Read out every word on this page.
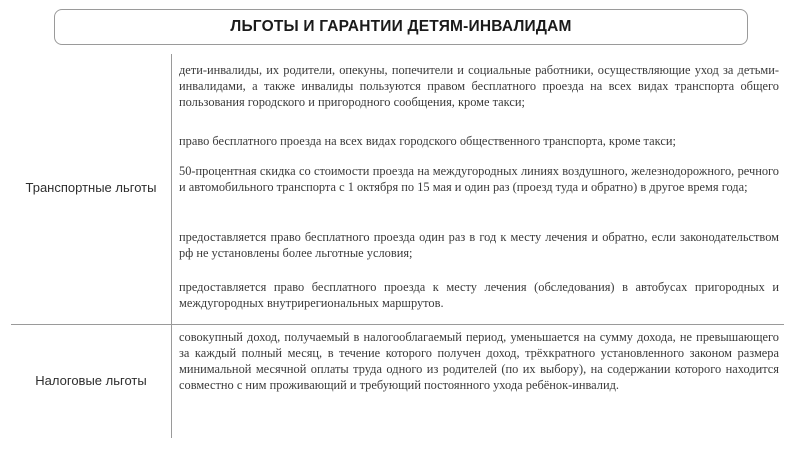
ЛЬГОТЫ И ГАРАНТИИ ДЕТЯМ-ИНВАЛИДАМ
Транспортные льготы
Налоговые льготы
дети-инвалиды, их родители, опекуны, попечители и социальные работники, осуществляющие уход за детьми-инвалидами, а также инвалиды пользуются правом бесплатного проезда на всех видах транспорта общего пользования городского и пригородного сообщения, кроме такси;
право бесплатного проезда на всех видах городского общественного транспорта, кроме такси;
50-процентная скидка со стоимости проезда на междугородных линиях воздушного, железнодорожного, речного и автомобильного транспорта с 1 октября по 15 мая и один раз (проезд туда и обратно) в другое время года;
предоставляется право бесплатного проезда один раз в год к месту лечения и обратно, если законодательством рф не установлены более льготные условия;
предоставляется право бесплатного проезда к месту лечения (обследования) в автобусах пригородных и междугородных внутрирегиональных маршрутов.
совокупный доход, получаемый в налогооблагаемый период, уменьшается на сумму дохода, не превышающего за каждый полный месяц, в течение которого получен доход, трёхкратного установленного законом размера минимальной месячной оплаты труда одного из родителей (по их выбору), на содержании которого находится совместно с ним проживающий и требующий постоянного ухода ребёнок-инвалид.
